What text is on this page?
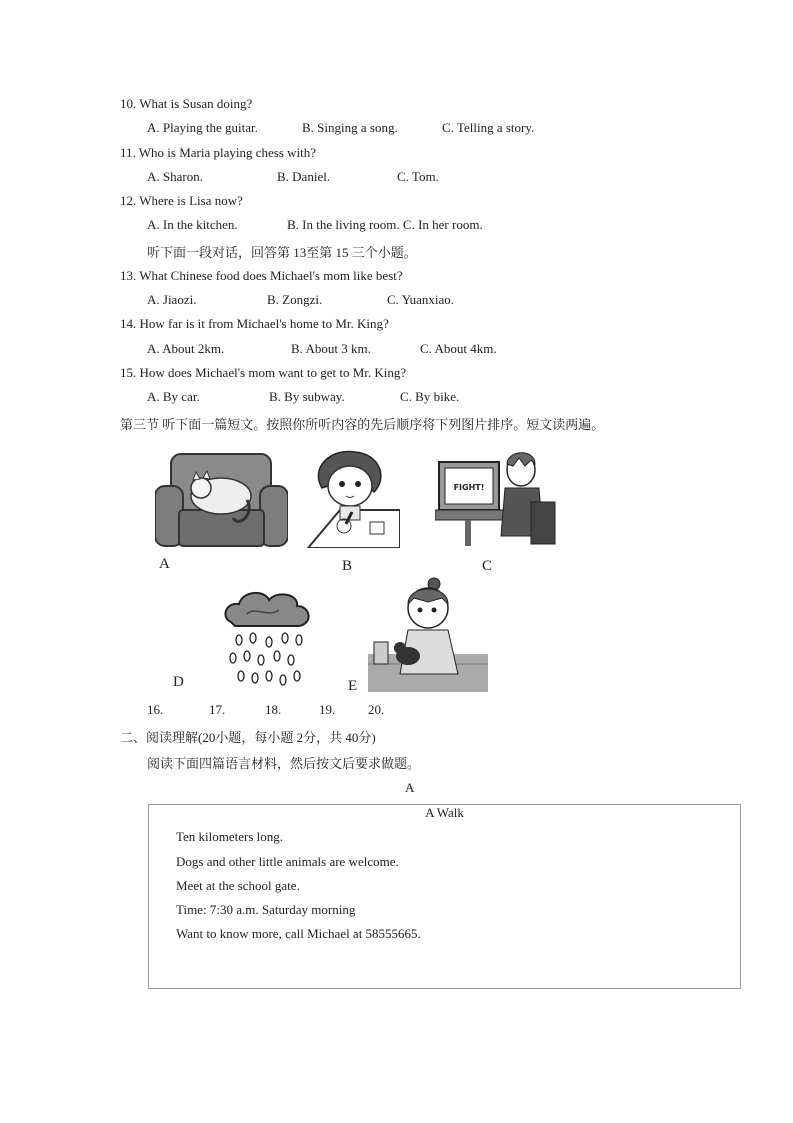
10. What is Susan doing?
A. Playing the guitar.	B. Singing a song.	C. Telling a story.
11. Who is Maria playing chess with?
A. Sharon.	B. Daniel.	C. Tom.
12. Where is Lisa now?
A. In the kitchen.	B. In the living room. C. In her room.
听下面一段对话，回答第 13至第 15 三个小题。
13. What Chinese food does Michael's mom like best?
A. Jiaozi.	B. Zongzi.	C. Yuanxiao.
14. How far is it from Michael's home to Mr. King?
A. About 2km.	B. About 3 km.	C. About 4km.
15. How does Michael's mom want to get to Mr. King?
A. By car.	B. By subway.	C. By bike.
第三节 听下面一篇短文。按照你所听内容的先后顺序将下列图片排序。短文读两遍。
A	B
FIGHT!
C
D	E
16.	17.	18.	19.	20.
二、阅读理解(20小题，每小题 2分，共 40分)
阅读下面四篇语言材料，然后按文后要求做题。
A
A Walk
Ten kilometers long.
Dogs and other little animals are welcome.
Meet at the school gate.
Time: 7:30 a.m. Saturday morning
Want to know more, call Michael at 58555665.
